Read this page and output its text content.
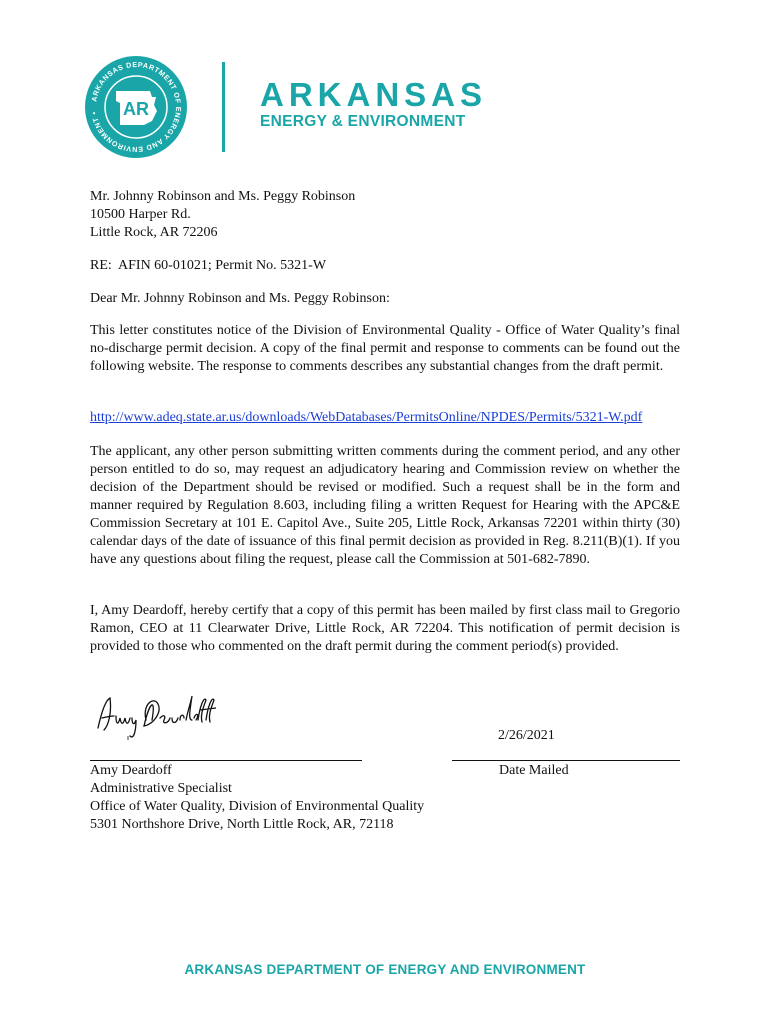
ARKANSAS DEPARTMENT OF ENERGY AND ENVIRONMENT •	AR	ARKANSAS
ENERGY & ENVIRONMENT
Mr. Johnny Robinson and Ms. Peggy Robinson
10500 Harper Rd.
Little Rock, AR 72206
RE:  AFIN 60-01021; Permit No. 5321-W
Dear Mr. Johnny Robinson and Ms. Peggy Robinson:
This letter constitutes notice of the Division of Environmental Quality - Office of Water Quality’s final no-discharge permit decision. A copy of the final permit and response to comments can be found out the following website. The response to comments describes any substantial changes from the draft permit.
http://www.adeq.state.ar.us/downloads/WebDatabases/PermitsOnline/NPDES/Permits/5321-W.pdf
The applicant, any other person submitting written comments during the comment period, and any other person entitled to do so, may request an adjudicatory hearing and Commission review on whether the decision of the Department should be revised or modified. Such a request shall be in the form and manner required by Regulation 8.603, including filing a written Request for Hearing with the APC&E Commission Secretary at 101 E. Capitol Ave., Suite 205, Little Rock, Arkansas 72201 within thirty (30) calendar days of the date of issuance of this final permit decision as provided in Reg. 8.211(B)(1). If you have any questions about filing the request, please call the Commission at 501-682-7890.
I, Amy Deardoff, hereby certify that a copy of this permit has been mailed by first class mail to Gregorio Ramon, CEO at 11 Clearwater Drive, Little Rock, AR 72204. This notification of permit decision is provided to those who commented on the draft permit during the comment period(s) provided.
2/26/2021
Date Mailed
Amy Deardoff
Administrative Specialist
Office of Water Quality, Division of Environmental Quality
5301 Northshore Drive, North Little Rock, AR, 72118
ARKANSAS DEPARTMENT OF ENERGY AND ENVIRONMENT
